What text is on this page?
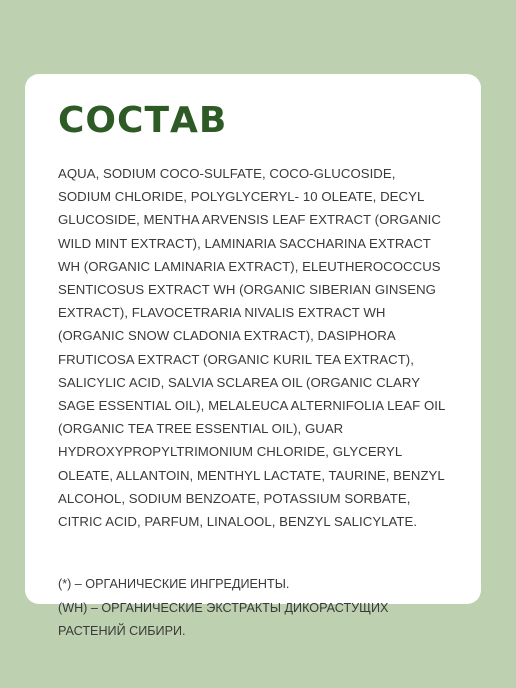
СОСТАВ

AQUA, SODIUM COCO-SULFATE, COCO-GLUCOSIDE, SODIUM CHLORIDE, POLYGLYCERYL- 10 OLEATE, DECYL GLUCOSIDE, MENTHA ARVENSIS LEAF EXTRACT (ORGANIC WILD MINT EXTRACT), LAMINARIA SACCHARINA EXTRACT WH (ORGANIC LAMINARIA EXTRACT), ELEUTHEROCOCCUS SENTICOSUS EXTRACT WH (ORGANIC SIBERIAN GINSENG EXTRACT), FLAVOCETRARIA NIVALIS EXTRACT WH (ORGANIC SNOW CLADONIA EXTRACT), DASIPHORA FRUTICOSA EXTRACT (ORGANIC KURIL TEA EXTRACT), SALICYLIC ACID, SALVIA SCLAREA OIL (ORGANIC CLARY SAGE ESSENTIAL OIL), MELALEUCA ALTERNIFOLIA LEAF OIL (ORGANIC TEA TREE ESSENTIAL OIL), GUAR HYDROXYPROPYLTRIMONIUM CHLORIDE, GLYCERYL OLEATE, ALLANTOIN, MENTHYL LACTATE, TAURINE, BENZYL ALCOHOL, SODIUM BENZOATE, POTASSIUM SORBATE, CITRIC ACID, PARFUM, LINALOOL, BENZYL SALICYLATE.

(*) – ОРГАНИЧЕСКИЕ ИНГРЕДИЕНТЫ.

(WH) – ОРГАНИЧЕСКИЕ ЭКСТРАКТЫ ДИКОРАСТУЩИХ РАСТЕНИЙ СИБИРИ.
